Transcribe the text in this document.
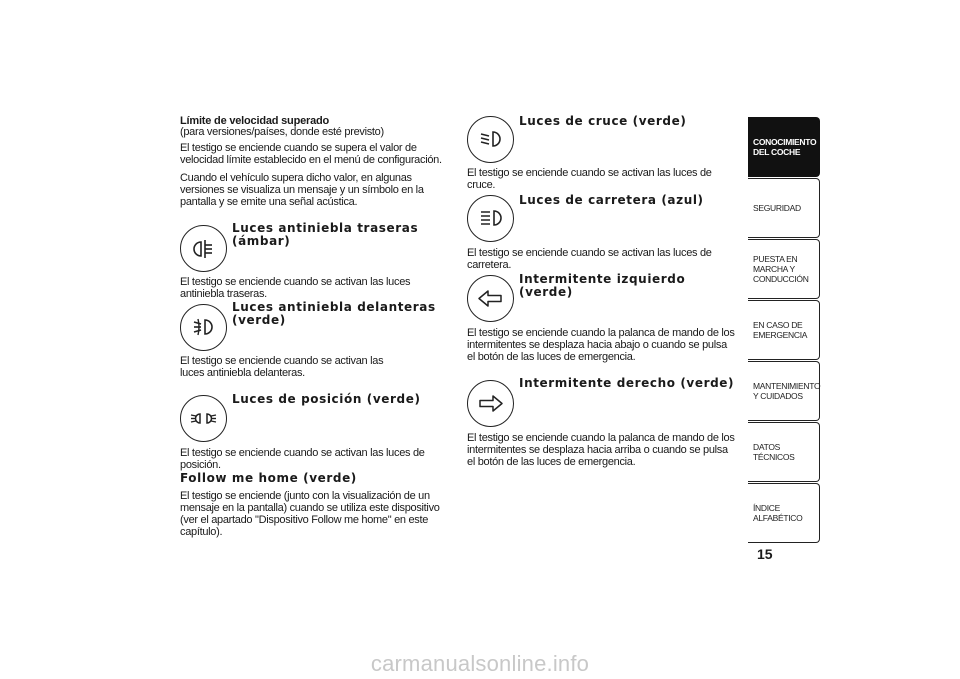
Límite de velocidad superado

(para versiones/países, donde esté previsto)

El testigo se enciende cuando se supera el valor de velocidad límite establecido en el menú de configuración.

Cuando el vehículo supera dicho valor, en algunas versiones se visualiza un mensaje y un símbolo en la pantalla y se emite una señal acústica.

Luces antiniebla traseras (ámbar)

El testigo se enciende cuando se activan las luces antiniebla traseras.

Luces antiniebla delanteras (verde)

El testigo se enciende cuando se activan las luces antiniebla delanteras.

Luces de posición (verde)

El testigo se enciende cuando se activan las luces de posición.

Follow me home (verde)

El testigo se enciende (junto con la visualización de un mensaje en la pantalla) cuando se utiliza este dispositivo (ver el apartado "Dispositivo Follow me home" en este capítulo).

Luces de cruce (verde)

El testigo se enciende cuando se activan las luces de cruce.

Luces de carretera (azul)

El testigo se enciende cuando se activan las luces de carretera.

Intermitente izquierdo (verde)

El testigo se enciende cuando la palanca de mando de los intermitentes se desplaza hacia abajo o cuando se pulsa el botón de las luces de emergencia.

Intermitente derecho (verde)

El testigo se enciende cuando la palanca de mando de los intermitentes se desplaza hacia arriba o cuando se pulsa el botón de las luces de emergencia.

CONOCIMIENTO DEL COCHE
SEGURIDAD
PUESTA EN MARCHA Y CONDUCCIÓN
EN CASO DE EMERGENCIA
MANTENIMIENTO Y CUIDADOS
DATOS TÉCNICOS
ÍNDICE ALFABÉTICO
15
carmanualsonline.info
